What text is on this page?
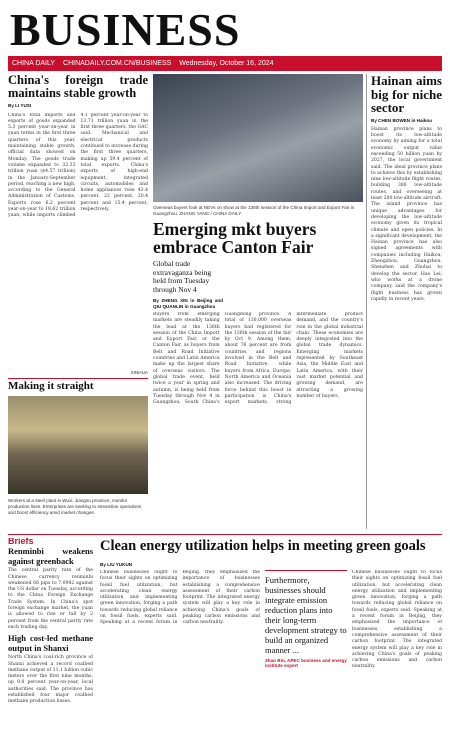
BUSINESS
CHINA DAILY CHINADAILY.COM.CN/BUSINESS Wednesday, October 16, 2024
China's foreign trade maintains stable growth
By LI YUSI
China's total imports and exports of goods expanded 5.3 percent year-on-year in yuan terms in the first three quarters of this year, maintaining stable growth, official data showed on Monday. The goods trade volume expanded to 32.33 trillion yuan ($4.57 trillion) in the January-September period, reaching a new high, according to the General Administration of Customs. Exports rose 6.2 percent year-on-year to 18.62 trillion yuan, while imports climbed 4.1 percent year-on-year to 13.71 trillion yuan in the first three quarters, the GAC said. Mechanical and electrical products continued to increase during the first three quarters, making up 59.4 percent of total exports. China's exports of high-end equipment, integrated circuits, automobiles and home appliances rose 43.4 percent, 22 percent, 20.4 percent and 15.4 percent, respectively.
XINHUA
Making it straight
Workers at a steel plant in Wuxi, Jiangsu province, monitor production lines. Enterprises are seeking to streamline operations and boost efficiency amid market changes.
Overseas buyers look at NEVs on show at the 136th session of the China Import and Export Fair in Guangzhou. ZHANG YANG / CHINA DAILY
Emerging mkt buyers embrace Canton Fair
Global trade extravaganza being held from Tuesday through Nov 4
By ZHENG XIN in Beijing and QIU QUANLIN in Guangzhou
Buyers from emerging markets are steadily taking the lead at the 136th session of the China Import and Export Fair, or the Canton Fair, as buyers from Belt and Road Initiative countries and Latin America make up the largest share of overseas visitors. The global trade event, held twice a year in spring and autumn, is being held from Tuesday through Nov 4 in Guangzhou, South China's Guangdong province. A total of 130,000 overseas buyers had registered for the 136th session of the fair by Oct 9. Among them, about 76 percent are from countries and regions involved in the Belt and Road Initiative, while buyers from Africa, Europe, North America and Oceania also increased. The driving force behind this boost in participation is China's export markets, strong intermediate product demand, and the country's role in the global industrial chain. These economies are deeply integrated into the global trade dynamics. Emerging markets represented by Southeast Asia, the Middle East and Latin America, with their vast market potential and growing demand, are attracting a growing number of buyers.
Hainan aims big for niche sector
By CHEN BOWEN in Haikou
Hainan province plans to boost its low-altitude economy by aiming for a total economic output value exceeding 50 billion yuan by 2027, the local government said. The ideal province plans to achieve this by establishing nine low-altitude flight routes, building 380 low-altitude routes, and overseeing at least 200 low-altitude aircraft. The island province has unique advantages for developing the low-altitude economy given its tropical climate and open policies. In a significant development, the Hainan province has also signed agreements with companies including Haikou, Zhengzhou, Guangzhou, Shenzhen and Zhuhai to develop the sector. Hao Lei, who works at a drone company, said the company's flight business has grown rapidly in recent years.
Briefs
Renminbi weakens against greenback
The central parity rate of the Chinese currency renminbi weakened 66 pips to 7.0982 against the US dollar on Tuesday, according to the China Foreign Exchange Trade System. In China's spot foreign exchange market, the yuan is allowed to rise or fall by 2 percent from the central parity rate each trading day.
High cost-led methane output in Shanxi
North China's coal-rich province of Shanxi achieved a record coalbed methane output of 11.1 billion cubic meters over the first nine months, up 9.8 percent year-on-year, local authorities said. The province has established four major coalbed methane production bases.
Clean energy utilization helps in meeting green goals
By LIU YUKUN
Chinese businesses ought to focus their sights on optimizing fossil fuel utilization, but accelerating clean energy utilization and implementing green innovation, forging a path towards reducing global reliance on fossil fuels, experts said. Speaking at a recent forum in Beijing, they emphasized the importance of businesses establishing a comprehensive assessment of their carbon footprint. The integrated energy system will play a key role in achieving China's goals of peaking carbon emissions and carbon neutrality.
Furthermore, businesses should integrate emission reduction plans into their long-term development strategy to build an organized manner ...
Zhao Bin, APEC business and energy institute expert
Chinese businesses ought to focus their sights on optimizing fossil fuel utilization, but accelerating clean energy utilization and implementing green innovation, forging a path towards reducing global reliance on fossil fuels, experts said. Speaking at a recent forum in Beijing, they emphasized the importance of businesses establishing a comprehensive assessment of their carbon footprint. The integrated energy system will play a key role in achieving China's goals of peaking carbon emissions and carbon neutrality.
